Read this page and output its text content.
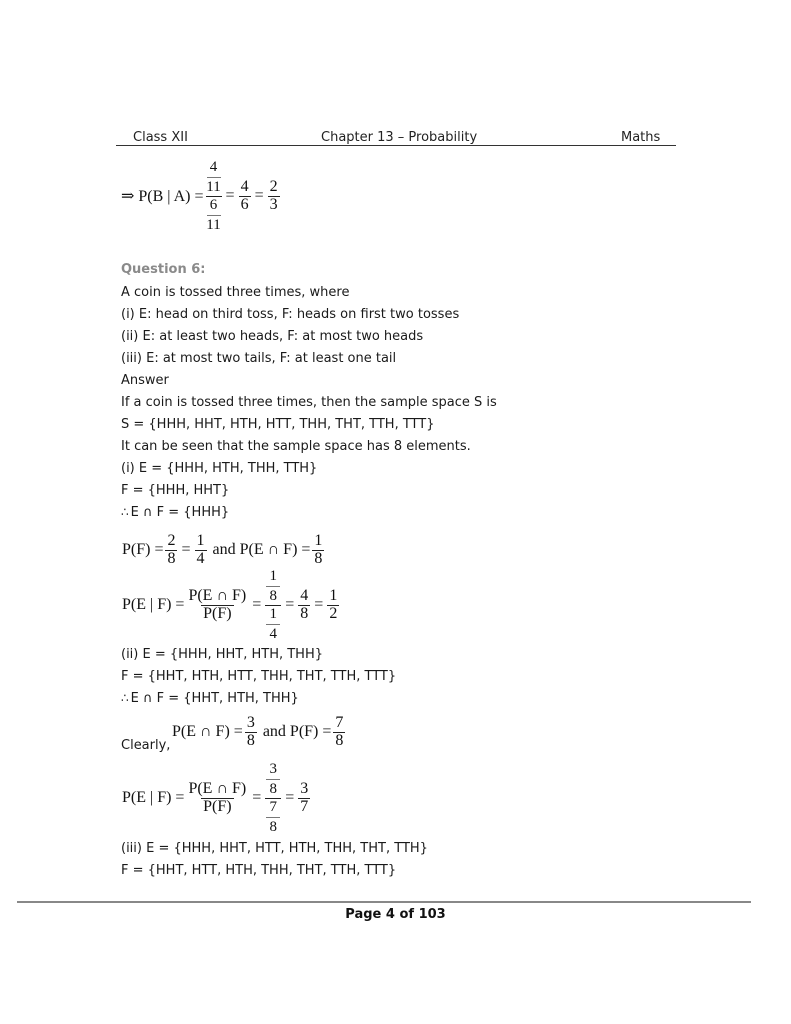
Class XII	Chapter 13 – Probability	Maths
⇒ P(B | A) =
4
11
6
11
= $\frac{4}{6} = \frac{2}{3}$
Question 6:
A coin is tossed three times, where
(i) E: head on third toss, F: heads on first two tosses
(ii) E: at least two heads, F: at most two heads
(iii) E: at most two tails, F: at least one tail
Answer
If a coin is tossed three times, then the sample space S is
S = {HHH, HHT, HTH, HTT, THH, THT, TTH, TTT}
It can be seen that the sample space has 8 elements.
(i) E = {HHH, HTH, THH, TTH}
F = {HHH, HHT}
∴ E ∩ F = {HHH}
$P(F) = \frac{2}{8} = \frac{1}{4}$ and P(E ∩ $F) = \frac{1}{8}$
P(E | $F) = \frac{P(E \cap F)}{P(F)}$ =
1
8
1
4
= $\frac{4}{8} = \frac{1}{2}$
(ii) E = {HHH, HHT, HTH, THH}
F = {HHT, HTH, HTT, THH, THT, TTH, TTT}
∴ E ∩ F = {HHT, HTH, THH}
Clearly,
P(E ∩ $F) = \frac{3}{8}$ and $P(F) = \frac{7}{8}$
P(E | $F) = \frac{P(E \cap F)}{P(F)}$ =
3
8
7
8
= $\frac{3}{7}$
(iii) E = {HHH, HHT, HTT, HTH, THH, THT, TTH}
F = {HHT, HTT, HTH, THH, THT, TTH, TTT}
Page 4 of 103
